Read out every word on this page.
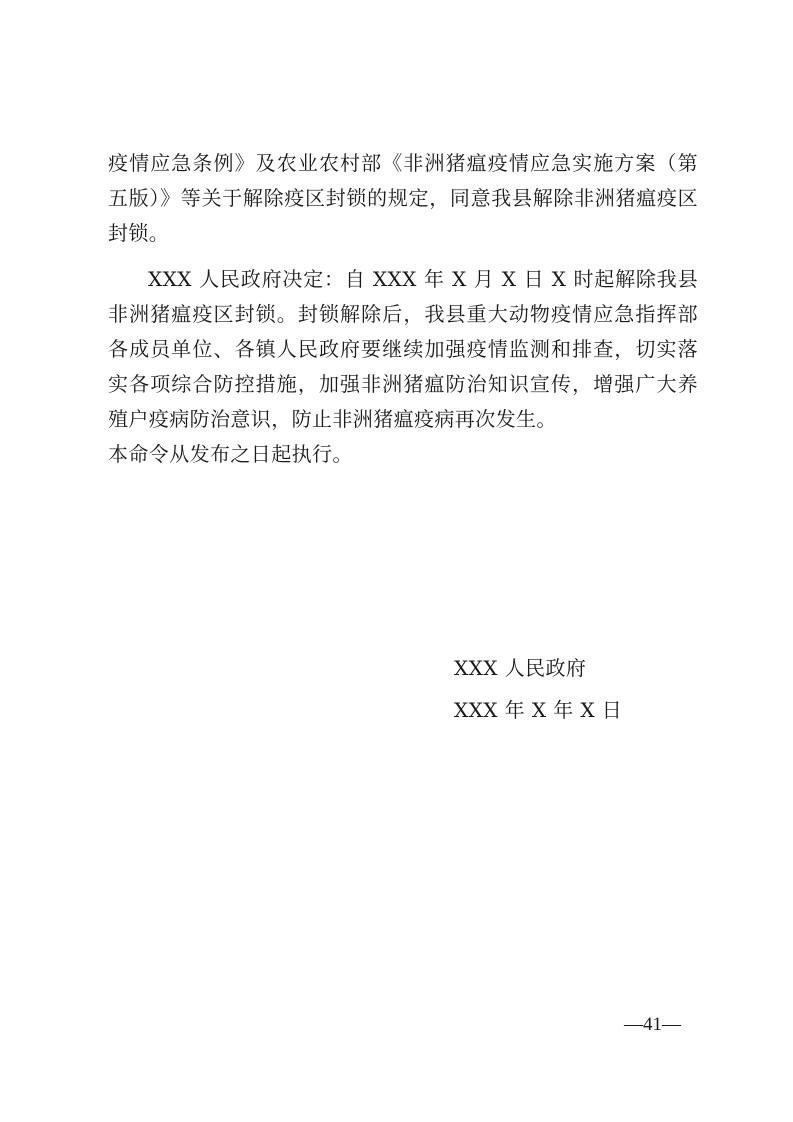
疫情应急条例》及农业农村部《非洲猪瘟疫情应急实施方案（第五版）》等关于解除疫区封锁的规定，同意我县解除非洲猪瘟疫区封锁。

XXX 人民政府决定：自 XXX 年 X 月 X 日 X 时起解除我县非洲猪瘟疫区封锁。封锁解除后，我县重大动物疫情应急指挥部各成员单位、各镇人民政府要继续加强疫情监测和排查，切实落实各项综合防控措施，加强非洲猪瘟防治知识宣传，增强广大养殖户疫病防治意识，防止非洲猪瘟疫病再次发生。

本命令从发布之日起执行。

XXX 人民政府
XXX 年 X 年 X 日
—41—
